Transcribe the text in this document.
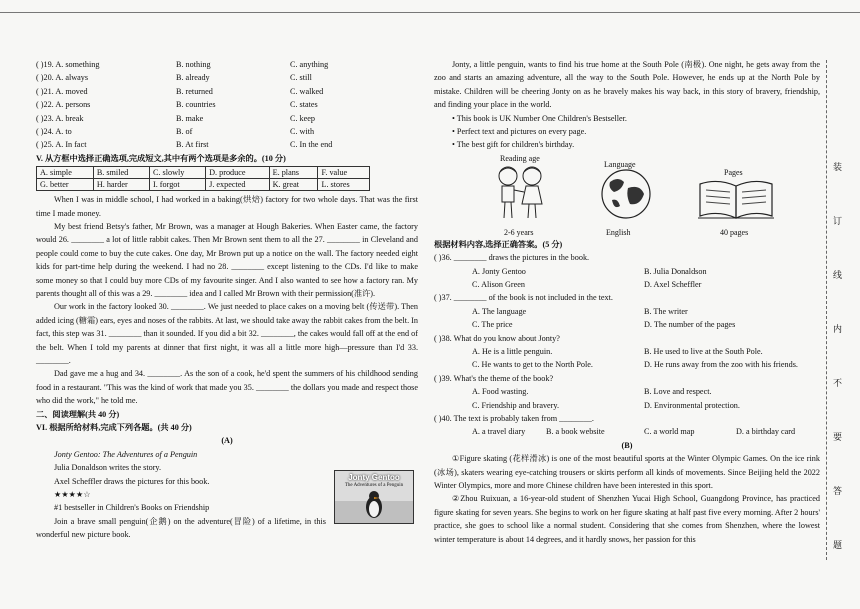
( )19. A. something	B. nothing	C. anything
( )20. A. always	B. already	C. still
( )21. A. moved	B. returned	C. walked
( )22. A. persons	B. countries	C. states
( )23. A. break	B. make	C. keep
( )24. A. to	B. of	C. with
( )25. A. In fact	B. At first	C. In the end

V. 从方框中选择正确选项,完成短文,其中有两个选项是多余的。(10 分)

A. simple	B. smiled	C. slowly	D. produce	E. plans	F. value
G. better	H. harder	I. forgot	J. expected	K. great	L. stores

When I was in middle school, I had worked in a baking(烘焙) factory for two whole days. That was the first time I made money.

My best friend Betsy's father, Mr Brown, was a manager at Hough Bakeries. When Easter came, the factory would 26. ________ a lot of little rabbit cakes. Then Mr Brown sent them to all the 27. ________ in Cleveland and people could come to buy the cute cakes. One day, Mr Brown put up a notice on the wall. The factory needed eight kids for part-time help during the weekend. I had no 28. ________ except listening to the CDs. I'd like to make some money so that I could buy more CDs of my favourite singer. And I also wanted to see how a factory ran. My parents thought all of this was a 29. ________ idea and I called Mr Brown with their permission(准许).

Our work in the factory looked 30. ________. We just needed to place cakes on a moving belt (传送带). Then added icing (糖霜) ears, eyes and noses of the rabbits. At last, we should take away the rabbit cakes from the belt. In fact, this step was 31. ________ than it sounded. If you did a bit 32. ________, the cakes would fall off at the end of the belt. When I told my parents at dinner that first night, it was all a little more high—pressure than I'd 33. ________.

Dad gave me a hug and 34. ________. As the son of a cook, he'd spent the summers of his childhood sending food in a restaurant. "This was the kind of work that made you 35. ________ the dollars you made and respect those who did the work," he told me.

二、阅读理解(共 40 分)

VI. 根据所给材料,完成下列各题。(共 40 分)

(A)

Jonty Gentoo: The Adventures of a Penguin

Julia Donaldson writes the story.

Axel Scheffler draws the pictures for this book.

★★★★☆

#1 bestseller in Children's Books on Friendship

Join a brave small penguin(企鹅) on the adventure(冒险) of a lifetime, in this wonderful new picture book.

Jonty Gentoo
The Adventures of a Penguin

Jonty, a little penguin, wants to find his true home at the South Pole (南极). One night, he gets away from the zoo and starts an amazing adventure, all the way to the South Pole. However, he ends up at the North Pole by mistake. Children will be cheering Jonty on as he bravely makes his way back, in this story of bravery, friendship, and finding your place in the world.

• This book is UK Number One Children's Bestseller.

• Perfect text and pictures on every page.

• The best gift for children's birthday.

Reading age
Language
Pages
2-6 years	English	40 pages

根据材料内容,选择正确答案。(5 分)

( )36. ________ draws the pictures in the book.
A. Jonty Gentoo	B. Julia Donaldson
C. Alison Green	D. Axel Scheffler
( )37. ________ of the book is not included in the text.
A. The language	B. The writer
C. The price	D. The number of the pages
( )38. What do you know about Jonty?
A. He is a little penguin.	B. He used to live at the South Pole.
C. He wants to get to the North Pole.	D. He runs away from the zoo with his friends.
( )39. What's the theme of the book?
A. Food wasting.	B. Love and respect.
C. Friendship and bravery.	D. Environmental protection.
( )40. The text is probably taken from ________.
A. a travel diary	B. a book website	C. a world map	D. a birthday card

(B)

①Figure skating (花样滑冰) is one of the most beautiful sports at the Winter Olympic Games. On the ice rink (冰场), skaters wearing eye-catching trousers or skirts perform all kinds of movements. Since Beijing held the 2022 Winter Olympics, more and more Chinese children have been interested in this sport.

②Zhou Ruixuan, a 16-year-old student of Shenzhen Yucai High School, Guangdong Province, has practiced figure skating for seven years. She begins to work on her figure skating at half past five every morning. After 2 hours' practice, she goes to school like a normal student. Considering that she comes from Shenzhen, where the lowest winter temperature is about 14 degrees, and it hardly snows, her passion for this

装
订
线
内
不
要
答
题
